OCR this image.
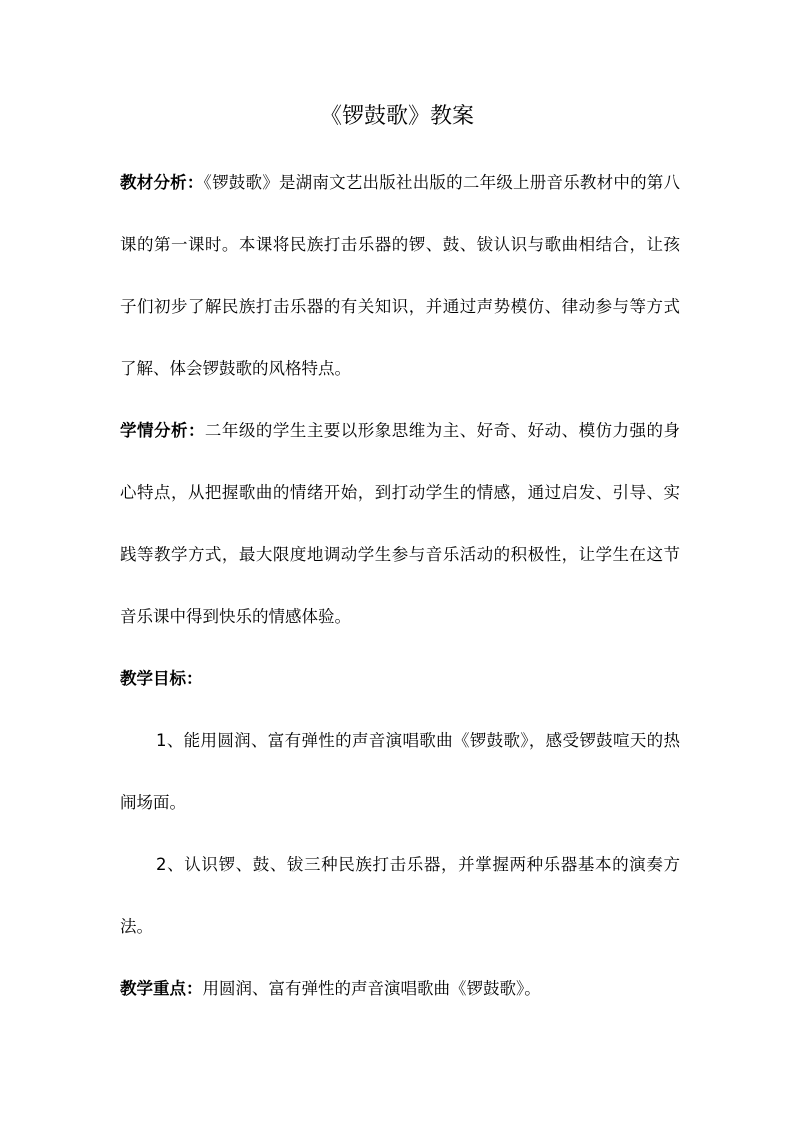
《锣鼓歌》教案

教材分析：《锣鼓歌》是湖南文艺出版社出版的二年级上册音乐教材中的第八课的第一课时。本课将民族打击乐器的锣、鼓、钹认识与歌曲相结合，让孩子们初步了解民族打击乐器的有关知识，并通过声势模仿、律动参与等方式了解、体会锣鼓歌的风格特点。

学情分析：二年级的学生主要以形象思维为主、好奇、好动、模仿力强的身心特点，从把握歌曲的情绪开始，到打动学生的情感，通过启发、引导、实践等教学方式，最大限度地调动学生参与音乐活动的积极性，让学生在这节音乐课中得到快乐的情感体验。

教学目标：

1、能用圆润、富有弹性的声音演唱歌曲《锣鼓歌》，感受锣鼓喧天的热闹场面。

2、认识锣、鼓、钹三种民族打击乐器，并掌握两种乐器基本的演奏方法。

教学重点：用圆润、富有弹性的声音演唱歌曲《锣鼓歌》。
